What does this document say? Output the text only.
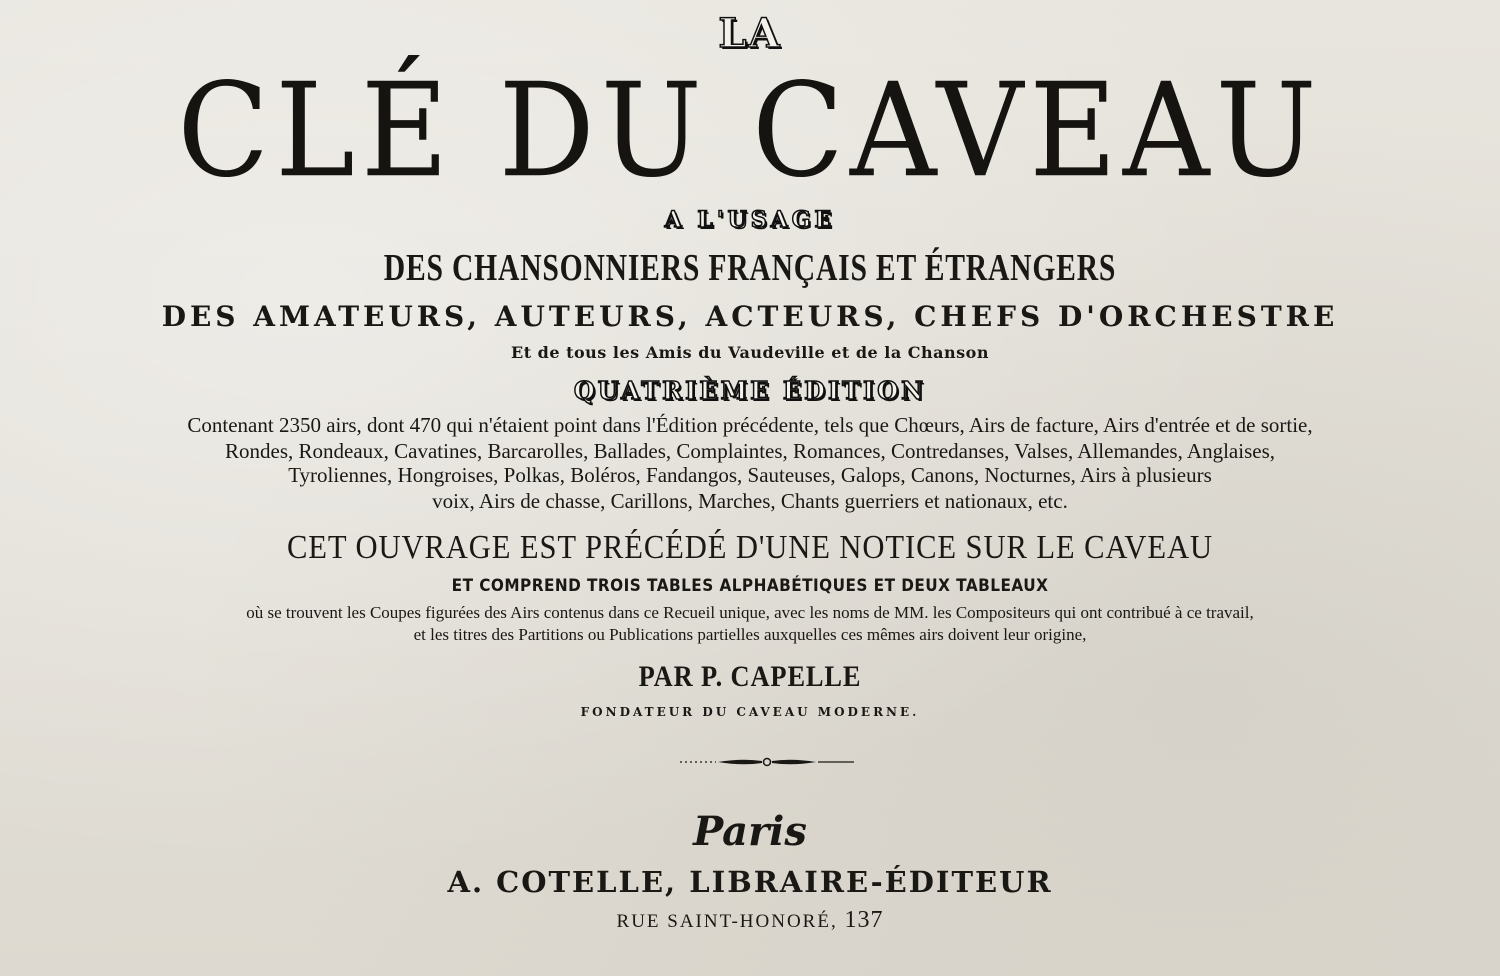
LA
CLÉ DU CAVEAU
A L'USAGE
DES CHANSONNIERS FRANÇAIS ET ÉTRANGERS
DES AMATEURS, AUTEURS, ACTEURS, CHEFS D'ORCHESTRE
Et de tous les Amis du Vaudeville et de la Chanson
QUATRIÈME ÉDITION
Contenant 2350 airs, dont 470 qui n'étaient point dans l'Édition précédente, tels que Chœurs, Airs de facture, Airs d'entrée et de sortie,
Rondes, Rondeaux, Cavatines, Barcarolles, Ballades, Complaintes, Romances, Contredanses, Valses, Allemandes, Anglaises,
Tyroliennes, Hongroises, Polkas, Boléros, Fandangos, Sauteuses, Galops, Canons, Nocturnes, Airs à plusieurs
voix, Airs de chasse, Carillons, Marches, Chants guerriers et nationaux, etc.
CET OUVRAGE EST PRÉCÉDÉ D'UNE NOTICE SUR LE CAVEAU
ET COMPREND TROIS TABLES ALPHABÉTIQUES ET DEUX TABLEAUX
où se trouvent les Coupes figurées des Airs contenus dans ce Recueil unique, avec les noms de MM. les Compositeurs qui ont contribué à ce travail,
et les titres des Partitions ou Publications partielles auxquelles ces mêmes airs doivent leur origine,
PAR P. CAPELLE
FONDATEUR DU CAVEAU MODERNE.
Paris
A. COTELLE, LIBRAIRE-ÉDITEUR
RUE SAINT-HONORÉ, 137
